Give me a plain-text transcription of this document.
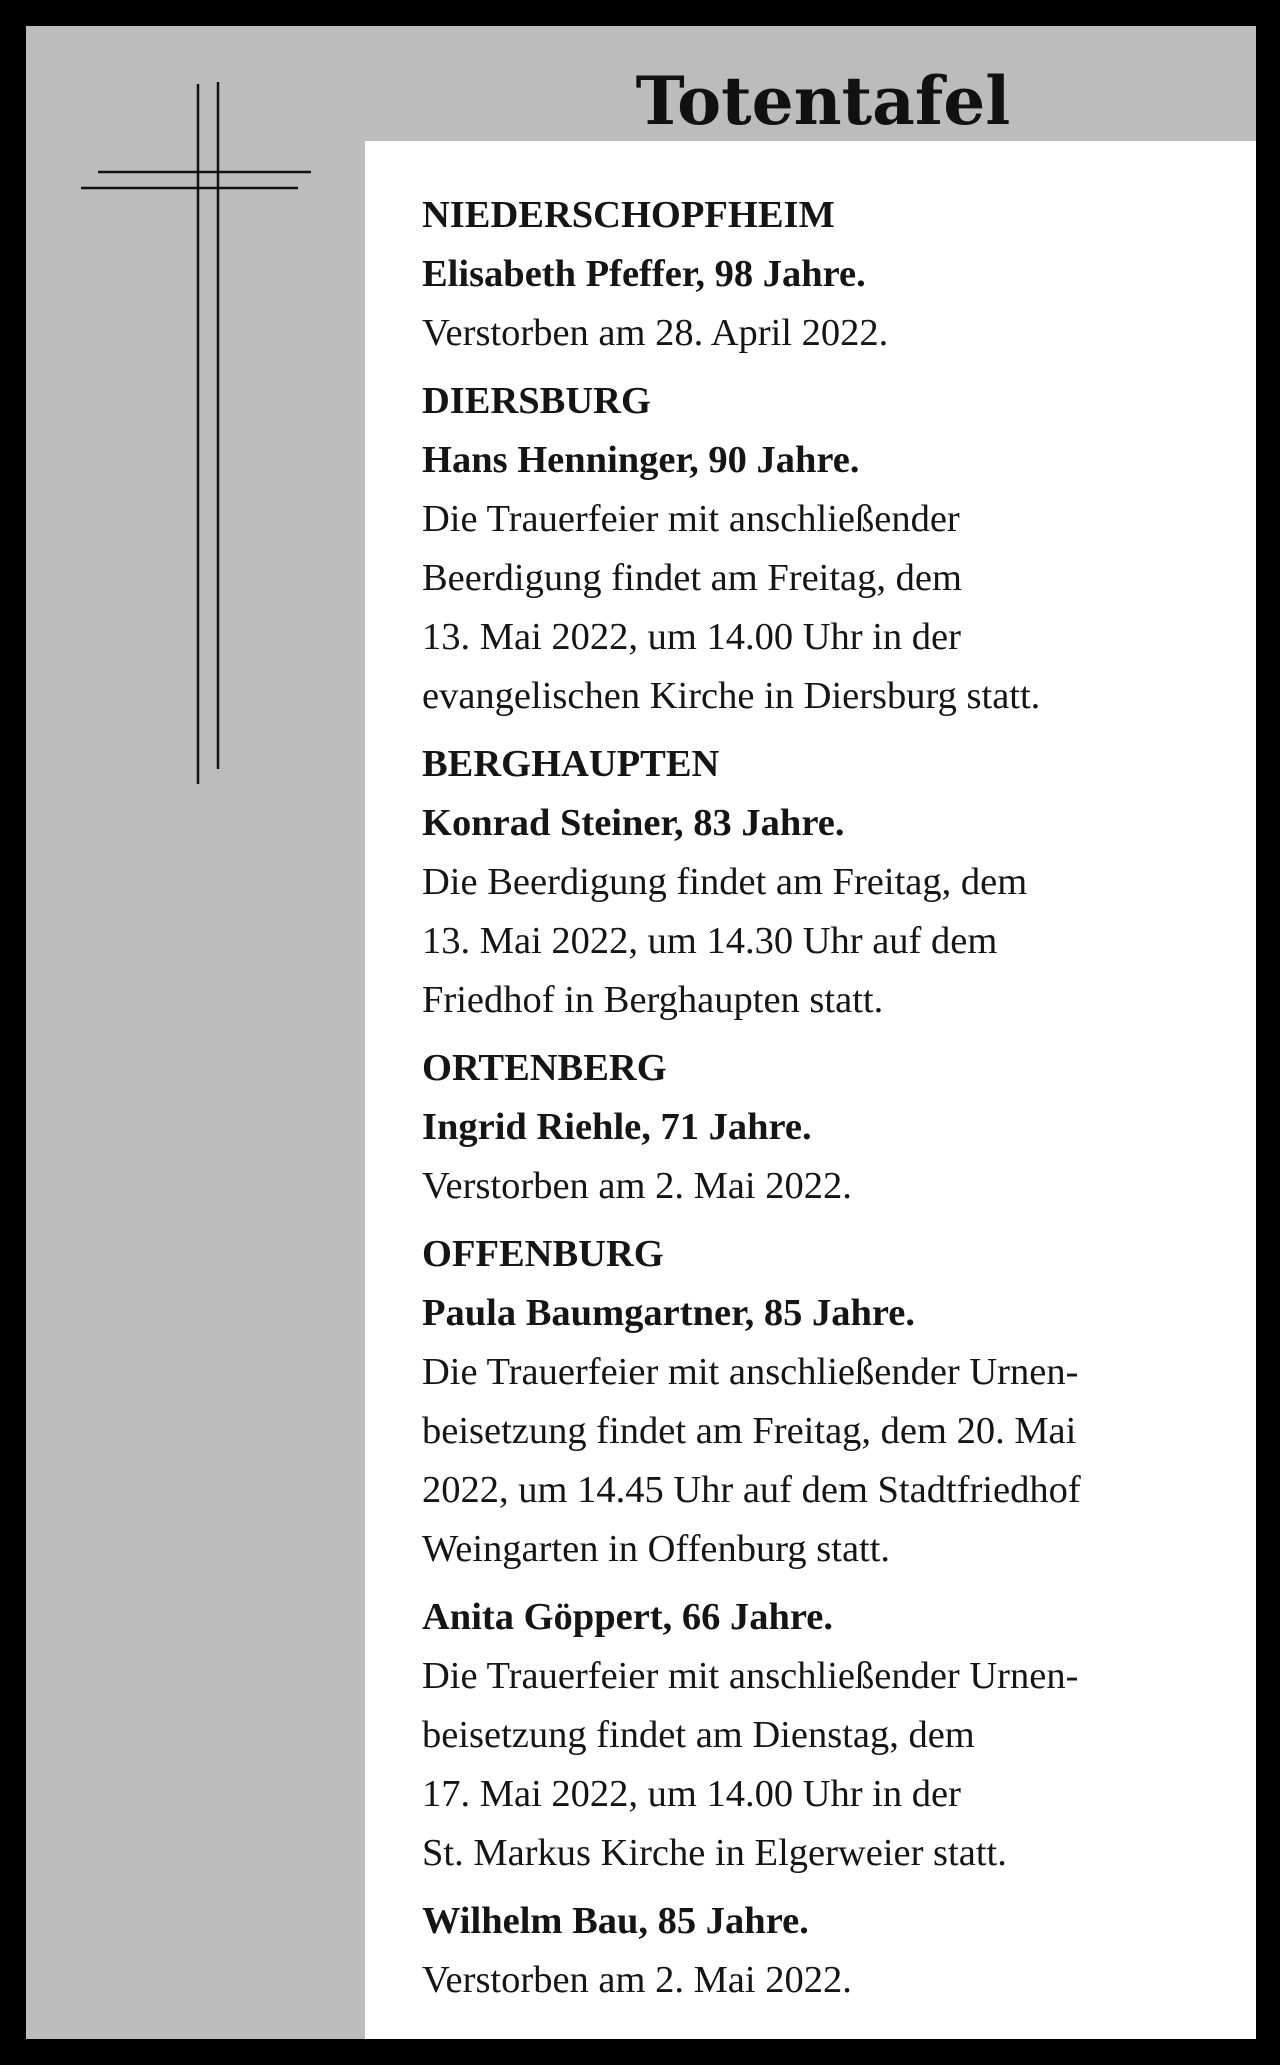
Totentafel

NIEDERSCHOPFHEIM

Elisabeth Pfeffer, 98 Jahre.

Verstorben am 28. April 2022.

DIERSBURG

Hans Henninger, 90 Jahre.

Die Trauerfeier mit anschließender
Beerdigung findet am Freitag, dem
13. Mai 2022, um 14.00 Uhr in der
evangelischen Kirche in Diersburg statt.

BERGHAUPTEN

Konrad Steiner, 83 Jahre.

Die Beerdigung findet am Freitag, dem
13. Mai 2022, um 14.30 Uhr auf dem
Friedhof in Berghaupten statt.

ORTENBERG

Ingrid Riehle, 71 Jahre.

Verstorben am 2. Mai 2022.

OFFENBURG

Paula Baumgartner, 85 Jahre.

Die Trauerfeier mit anschließender Urnen-
beisetzung findet am Freitag, dem 20. Mai
2022, um 14.45 Uhr auf dem Stadtfriedhof
Weingarten in Offenburg statt.

Anita Göppert, 66 Jahre.

Die Trauerfeier mit anschließender Urnen-
beisetzung findet am Dienstag, dem
17. Mai 2022, um 14.00 Uhr in der
St. Markus Kirche in Elgerweier statt.

Wilhelm Bau, 85 Jahre.

Verstorben am 2. Mai 2022.
